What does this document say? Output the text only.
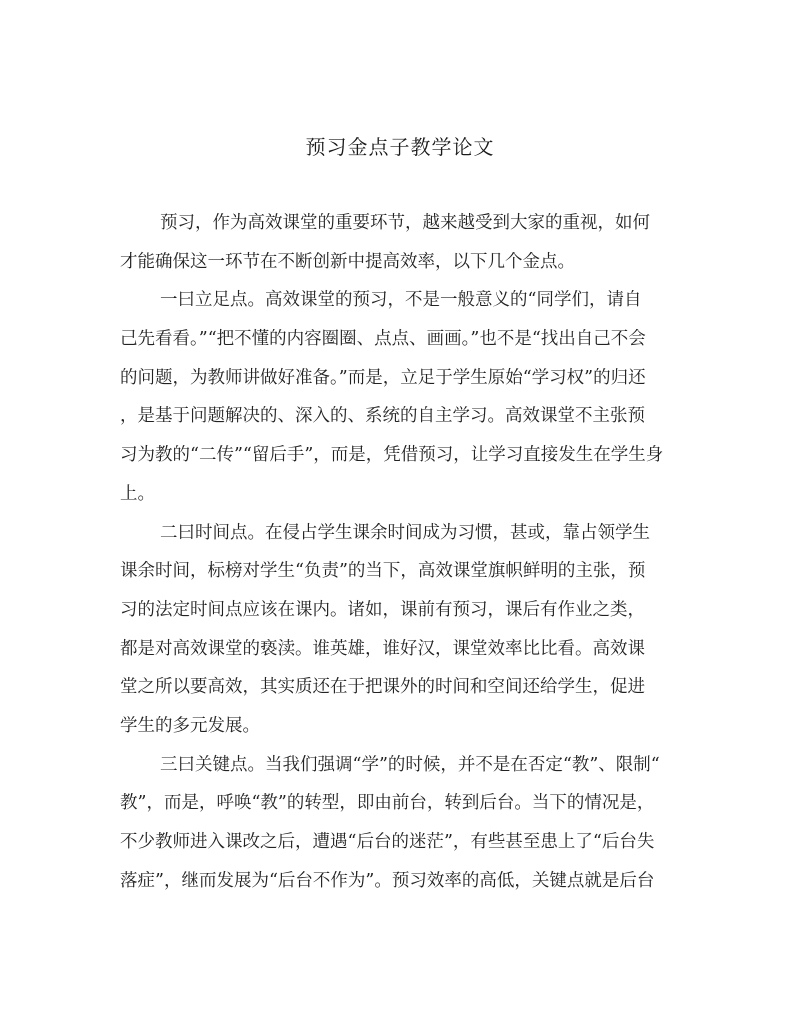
预习金点子教学论文
预习，作为高效课堂的重要环节，越来越受到大家的重视，如何
才能确保这一环节在不断创新中提高效率，以下几个金点。
一曰立足点。高效课堂的预习，不是一般意义的“同学们，请自
己先看看。”“把不懂的内容圈圈、点点、画画。”也不是“找出自己不会
的问题，为教师讲做好准备。”而是，立足于学生原始“学习权”的归还
，是基于问题解决的、深入的、系统的自主学习。高效课堂不主张预
习为教的“二传”“留后手”，而是，凭借预习，让学习直接发生在学生身
上。
二曰时间点。在侵占学生课余时间成为习惯，甚或，靠占领学生
课余时间，标榜对学生“负责”的当下，高效课堂旗帜鲜明的主张，预
习的法定时间点应该在课内。诸如，课前有预习，课后有作业之类，
都是对高效课堂的亵渎。谁英雄，谁好汉，课堂效率比比看。高效课
堂之所以要高效，其实质还在于把课外的时间和空间还给学生，促进
学生的多元发展。
三曰关键点。当我们强调“学”的时候，并不是在否定“教”、限制“
教”，而是，呼唤“教”的转型，即由前台，转到后台。当下的情况是，
不少教师进入课改之后，遭遇“后台的迷茫”，有些甚至患上了“后台失
落症”，继而发展为“后台不作为”。预习效率的高低，关键点就是后台
